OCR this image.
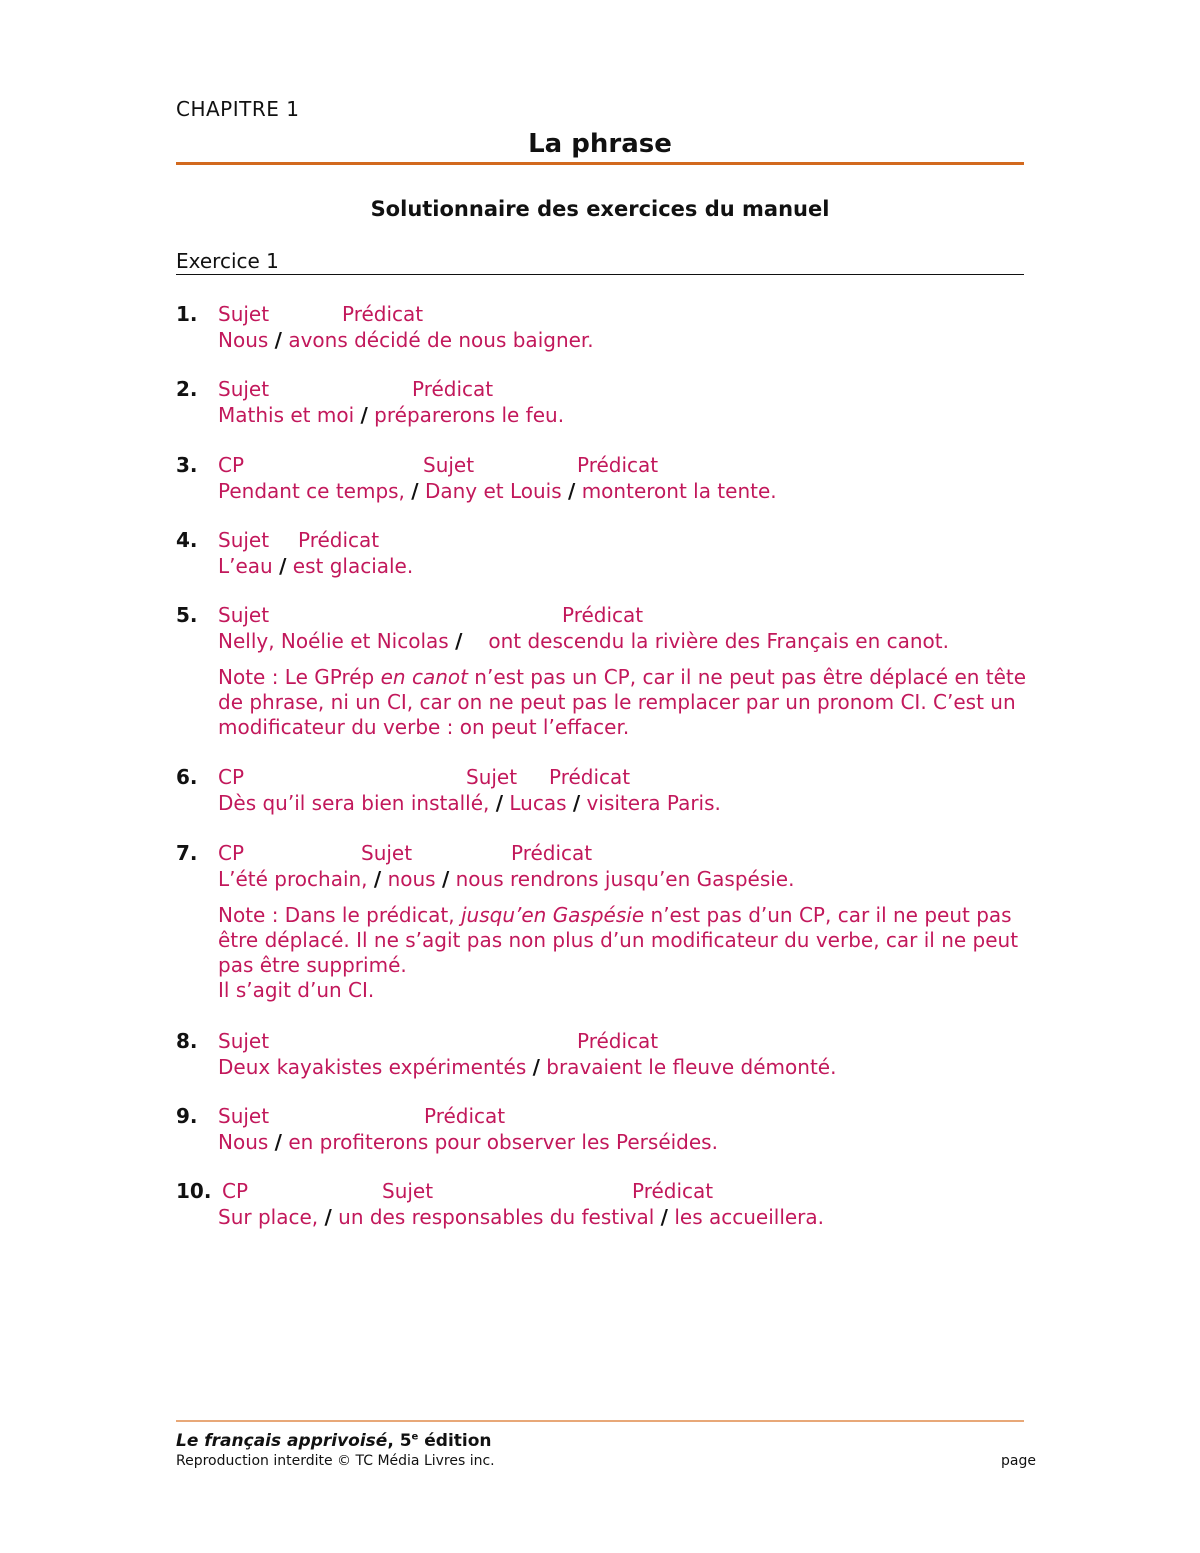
CHAPITRE 1
La phrase
Solutionnaire des exercices du manuel
Exercice 1
1. Sujet	Prédicat
Nous / avons décidé de nous baigner.
2. Sujet	Prédicat
Mathis et moi / préparerons le feu.
3. CP	Sujet	Prédicat
Pendant ce temps, / Dany et Louis / monteront la tente.
4. Sujet Prédicat
L’eau / est glaciale.
5. Sujet	Prédicat
Nelly, Noélie et Nicolas / ont descendu la rivière des Français en canot.
Note : Le GPrép en canot n’est pas un CP, car il ne peut pas être déplacé en tête de phrase, ni un CI, car on ne peut pas le remplacer par un pronom CI. C’est un modificateur du verbe : on peut l’effacer.
6. CP	Sujet Prédicat
Dès qu’il sera bien installé, / Lucas / visitera Paris.
7. CP	Sujet	Prédicat
L’été prochain, / nous / nous rendrons jusqu’en Gaspésie.
Note : Dans le prédicat, jusqu’en Gaspésie n’est pas d’un CP, car il ne peut pas être déplacé. Il ne s’agit pas non plus d’un modificateur du verbe, car il ne peut pas être supprimé.
Il s’agit d’un CI.
8. Sujet	Prédicat
Deux kayakistes expérimentés / bravaient le fleuve démonté.
9. Sujet	Prédicat
Nous / en profiterons pour observer les Perséides.
10. CP	Sujet	Prédicat
Sur place, / un des responsables du festival / les accueillera.
Le français apprivoisé, 5e édition
Reproduction interdite © TC Média Livres inc.	page
